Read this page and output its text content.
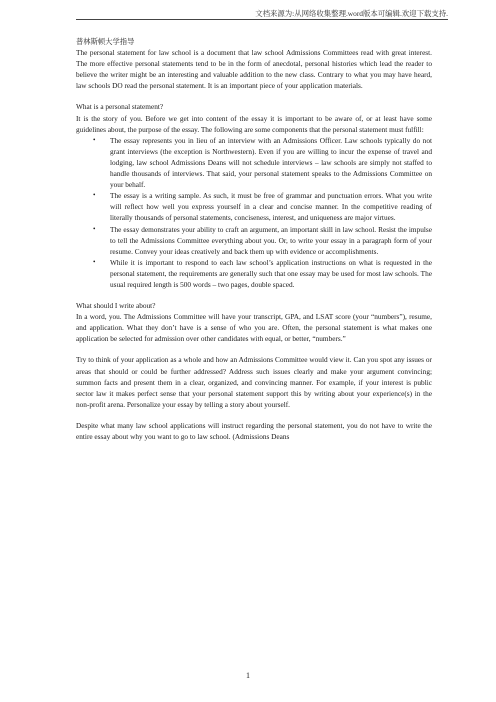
文档来源为:从网络收集整理.word版本可编辑.欢迎下载支持.

普林斯顿大学指导

The personal statement for law school is a document that law school Admissions Committees read with great interest. The more effective personal statements tend to be in the form of anecdotal, personal histories which lead the reader to believe the writer might be an interesting and valuable addition to the new class. Contrary to what you may have heard, law schools DO read the personal statement. It is an important piece of your application materials.

What is a personal statement?

It is the story of you. Before we get into content of the essay it is important to be aware of, or at least have some guidelines about, the purpose of the essay. The following are some components that the personal statement must fulfill:

• The essay represents you in lieu of an interview with an Admissions Officer. Law schools typically do not grant interviews (the exception is Northwestern). Even if you are willing to incur the expense of travel and lodging, law school Admissions Deans will not schedule interviews – law schools are simply not staffed to handle thousands of interviews. That said, your personal statement speaks to the Admissions Committee on your behalf.
• The essay is a writing sample. As such, it must be free of grammar and punctuation errors. What you write will reflect how well you express yourself in a clear and concise manner. In the competitive reading of literally thousands of personal statements, conciseness, interest, and uniqueness are major virtues.
• The essay demonstrates your ability to craft an argument, an important skill in law school. Resist the impulse to tell the Admissions Committee everything about you. Or, to write your essay in a paragraph form of your resume. Convey your ideas creatively and back them up with evidence or accomplishments.
• While it is important to respond to each law school’s application instructions on what is requested in the personal statement, the requirements are generally such that one essay may be used for most law schools. The usual required length is 500 words – two pages, double spaced.

What should I write about?

In a word, you. The Admissions Committee will have your transcript, GPA, and LSAT score (your “numbers”), resume, and application. What they don’t have is a sense of who you are. Often, the personal statement is what makes one application be selected for admission over other candidates with equal, or better, “numbers.”

Try to think of your application as a whole and how an Admissions Committee would view it. Can you spot any issues or areas that should or could be further addressed? Address such issues clearly and make your argument convincing; summon facts and present them in a clear, organized, and convincing manner. For example, if your interest is public sector law it makes perfect sense that your personal statement support this by writing about your experience(s) in the non-profit arena. Personalize your essay by telling a story about yourself.

Despite what many law school applications will instruct regarding the personal statement, you do not have to write the entire essay about why you want to go to law school. (Admissions Deans

1
